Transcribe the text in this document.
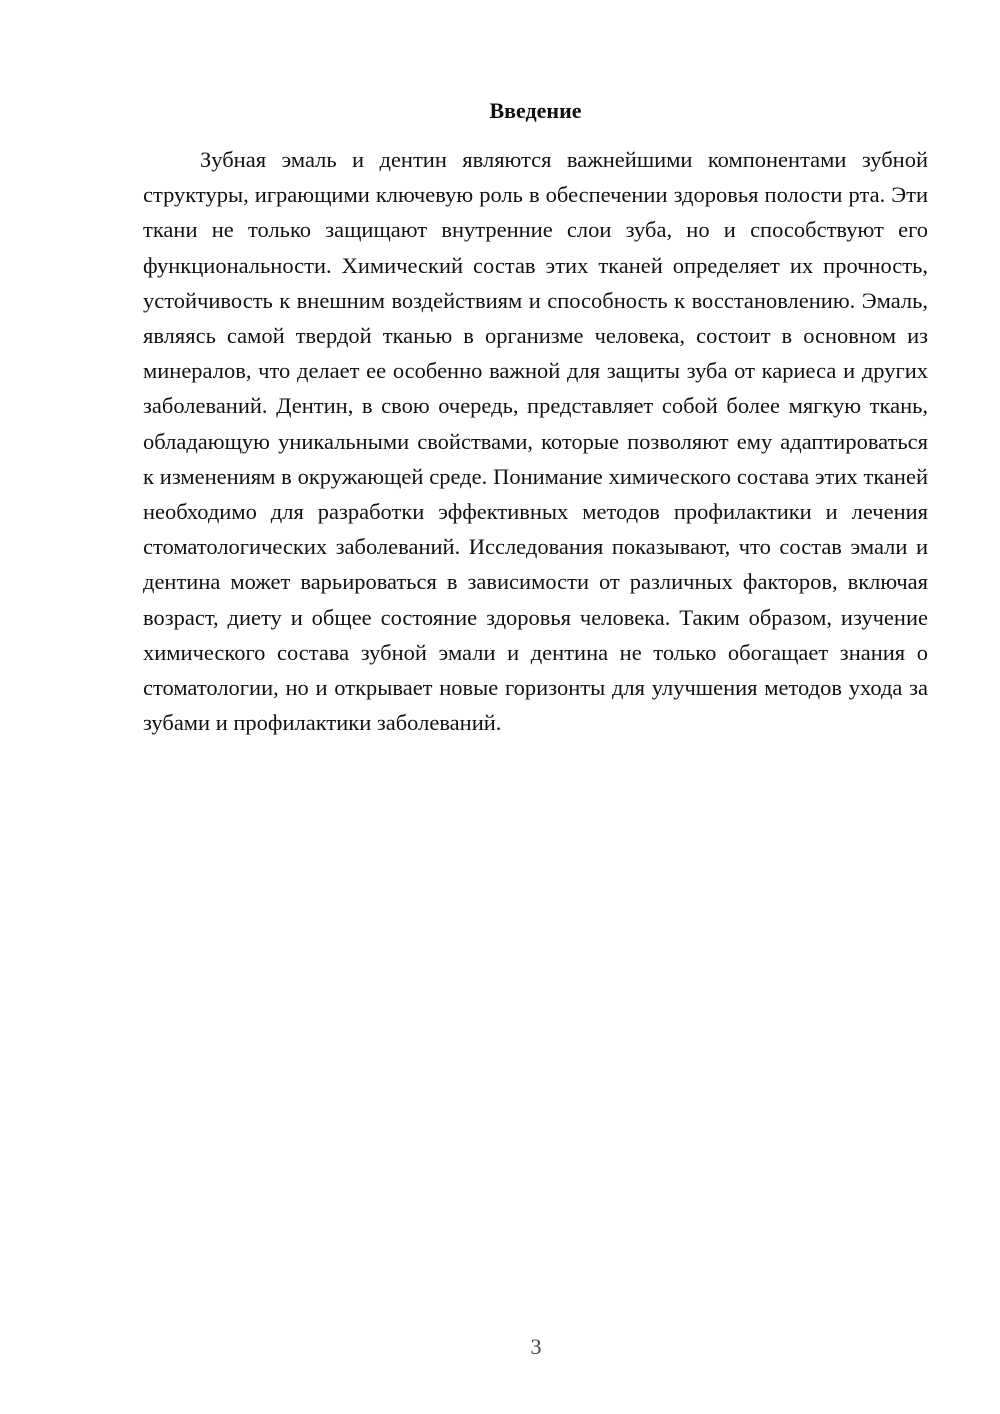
Введение

Зубная эмаль и дентин являются важнейшими компонентами зубной структуры, играющими ключевую роль в обеспечении здоровья полости рта. Эти ткани не только защищают внутренние слои зуба, но и способствуют его функциональности. Химический состав этих тканей определяет их прочность, устойчивость к внешним воздействиям и способность к восстановлению. Эмаль, являясь самой твердой тканью в организме человека, состоит в основном из минералов, что делает ее особенно важной для защиты зуба от кариеса и других заболеваний. Дентин, в свою очередь, представляет собой более мягкую ткань, обладающую уникальными свойствами, которые позволяют ему адаптироваться к изменениям в окружающей среде. Понимание химического состава этих тканей необходимо для разработки эффективных методов профилактики и лечения стоматологических заболеваний. Исследования показывают, что состав эмали и дентина может варьироваться в зависимости от различных факторов, включая возраст, диету и общее состояние здоровья человека. Таким образом, изучение химического состава зубной эмали и дентина не только обогащает знания о стоматологии, но и открывает новые горизонты для улучшения методов ухода за зубами и профилактики заболеваний.

3
